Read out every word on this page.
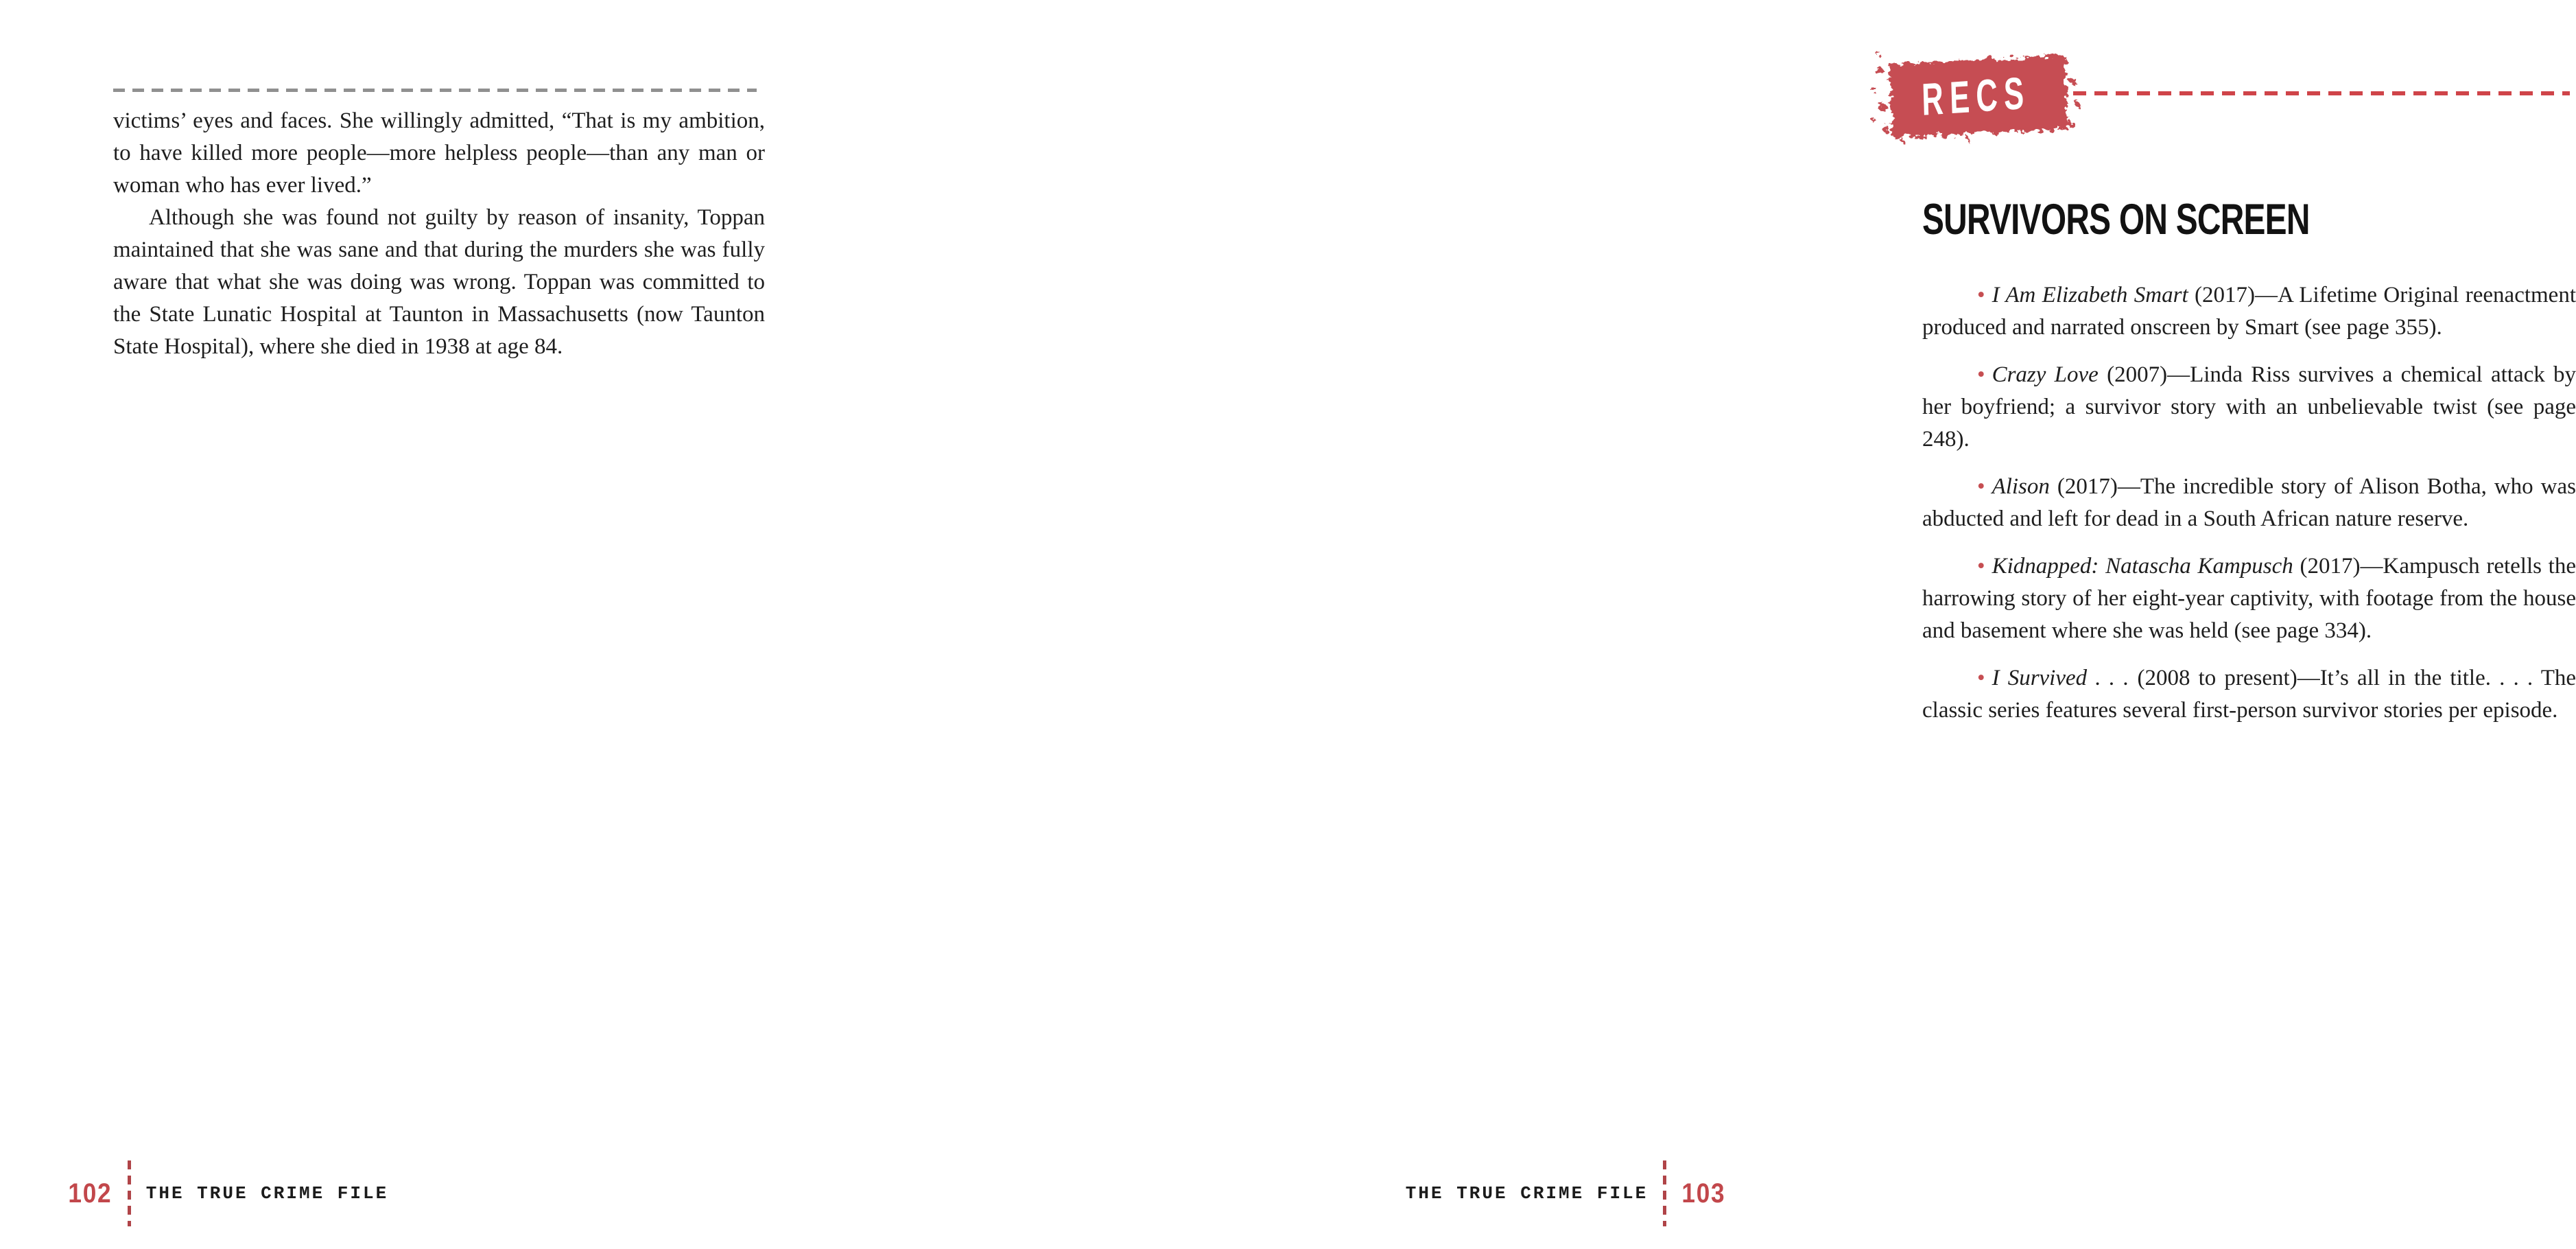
victims’ eyes and faces. She willingly admitted, “That is my ambition, to have killed more people—more helpless people—than any man or woman who has ever lived.”

Although she was found not guilty by reason of insanity, Toppan maintained that she was sane and that during the murders she was fully aware that what she was doing was wrong. Toppan was committed to the State Lunatic Hospital at Taunton in Massachusetts (now Taunton State Hospital), where she died in 1938 at age 84.

102 THE TRUE CRIME FILE
RECS
SURVIVORS ON SCREEN

• I Am Elizabeth Smart (2017)—A Lifetime Original reenactment produced and narrated onscreen by Smart (see page 355).

• Crazy Love (2007)—Linda Riss survives a chemical attack by her boyfriend; a survivor story with an unbelievable twist (see page 248).

• Alison (2017)—The incredible story of Alison Botha, who was abducted and left for dead in a South African nature reserve.

• Kidnapped: Natascha Kampusch (2017)—Kampusch retells the harrowing story of her eight-year captivity, with footage from the house and basement where she was held (see page 334).

• I Survived . . . (2008 to present)—It’s all in the title. . . . The classic series features several first-person survivor stories per episode.

THE TRUE CRIME FILE 103
